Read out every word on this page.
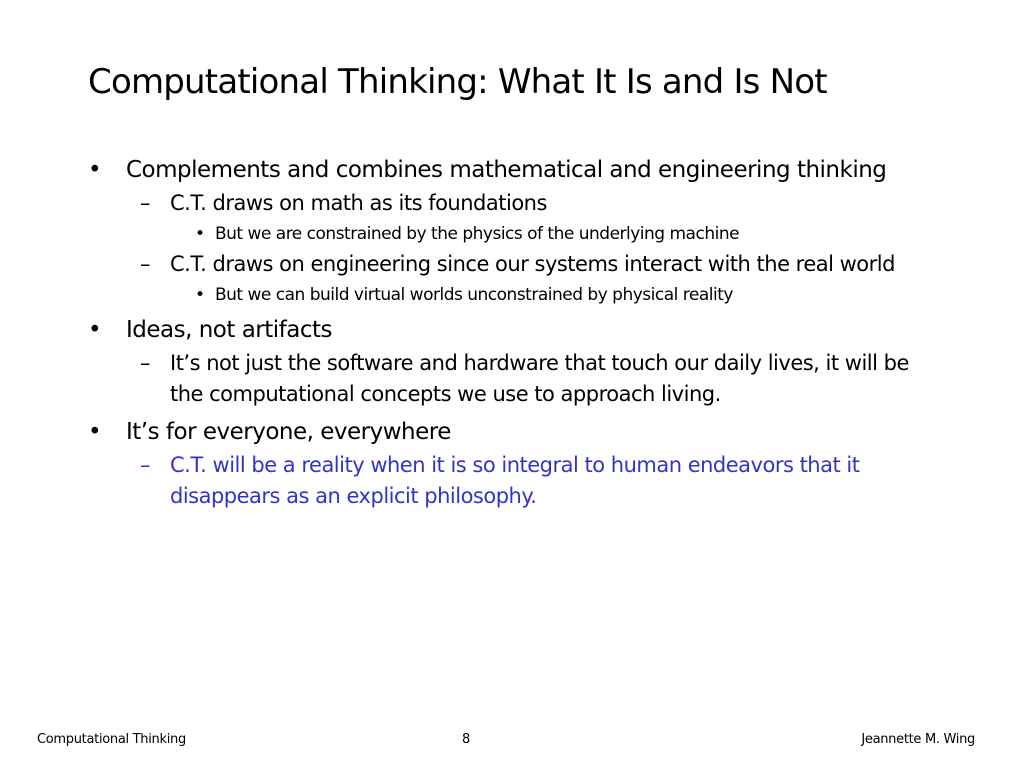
Computational Thinking: What It Is and Is Not
• Complements and combines mathematical and engineering thinking
– C.T. draws on math as its foundations
• But we are constrained by the physics of the underlying machine
– C.T. draws on engineering since our systems interact with the real world
• But we can build virtual worlds unconstrained by physical reality
• Ideas, not artifacts
– It’s not just the software and hardware that touch our daily lives, it will be the computational concepts we use to approach living.
• It’s for everyone, everywhere
– C.T. will be a reality when it is so integral to human endeavors that it disappears as an explicit philosophy.
Computational Thinking	8	Jeannette M. Wing
